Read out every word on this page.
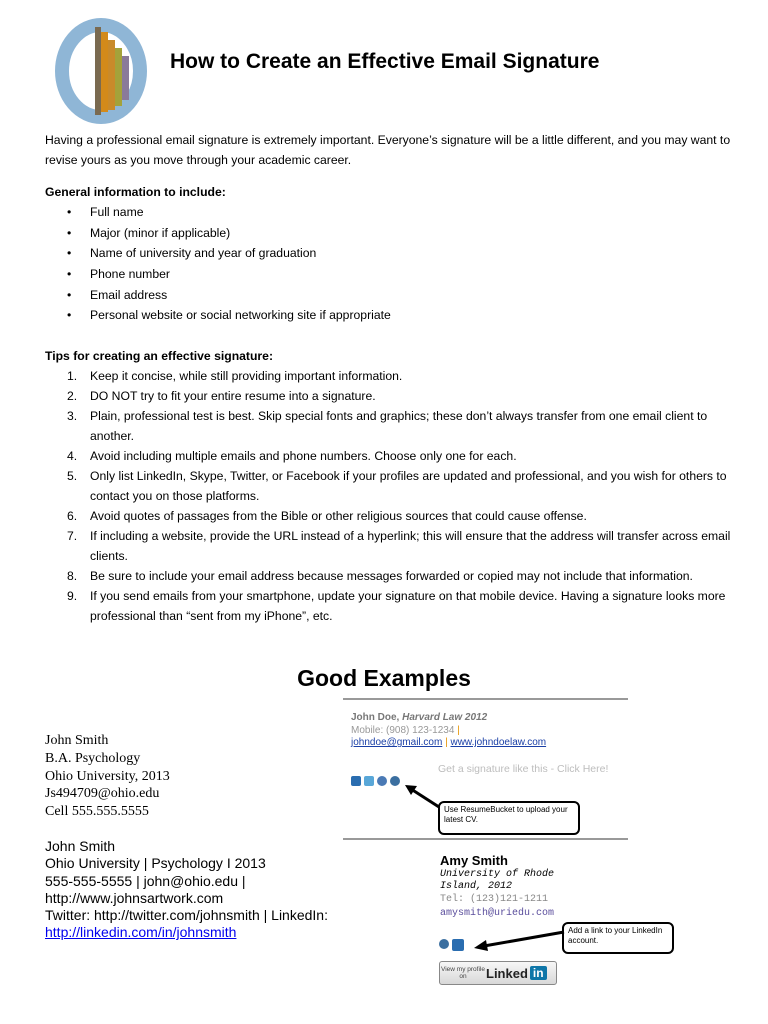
How to Create an Effective Email Signature
Having a professional email signature is extremely important. Everyone’s signature will be a little different, and you may want to revise yours as you move through your academic career.
General information to include:
• Full name
• Major (minor if applicable)
• Name of university and year of graduation
• Phone number
• Email address
• Personal website or social networking site if appropriate
Tips for creating an effective signature:
1. Keep it concise, while still providing important information.
2. DO NOT try to fit your entire resume into a signature.
3. Plain, professional test is best. Skip special fonts and graphics; these don’t always transfer from one email client to another.
4. Avoid including multiple emails and phone numbers. Choose only one for each.
5. Only list LinkedIn, Skype, Twitter, or Facebook if your profiles are updated and professional, and you wish for others to contact you on those platforms.
6. Avoid quotes of passages from the Bible or other religious sources that could cause offense.
7. If including a website, provide the URL instead of a hyperlink; this will ensure that the address will transfer across email clients.
8. Be sure to include your email address because messages forwarded or copied may not include that information.
9. If you send emails from your smartphone, update your signature on that mobile device. Having a signature looks more professional than “sent from my iPhone”, etc.
Good Examples
John Smith
B.A. Psychology
Ohio University, 2013
Js494709@ohio.edu
Cell 555.555.5555
John Smith
Ohio University | Psychology I 2013
555-555-5555 | john@ohio.edu |
http://www.johnsartwork.com
Twitter: http://twitter.com/johnsmith | LinkedIn:
http://linkedin.com/in/johnsmith
John Doe, Harvard Law 2012
Mobile: (908) 123-1234 |
johndoe@gmail.com | www.johndoelaw.com
Get a signature like this - Click Here!
Use ResumeBucket to upload your latest CV.
Amy Smith
University of Rhode Island, 2012
Tel: (123)121-1211
amysmith@uriedu.com
Add a link to your LinkedIn account.
View my profile on	Linked in
